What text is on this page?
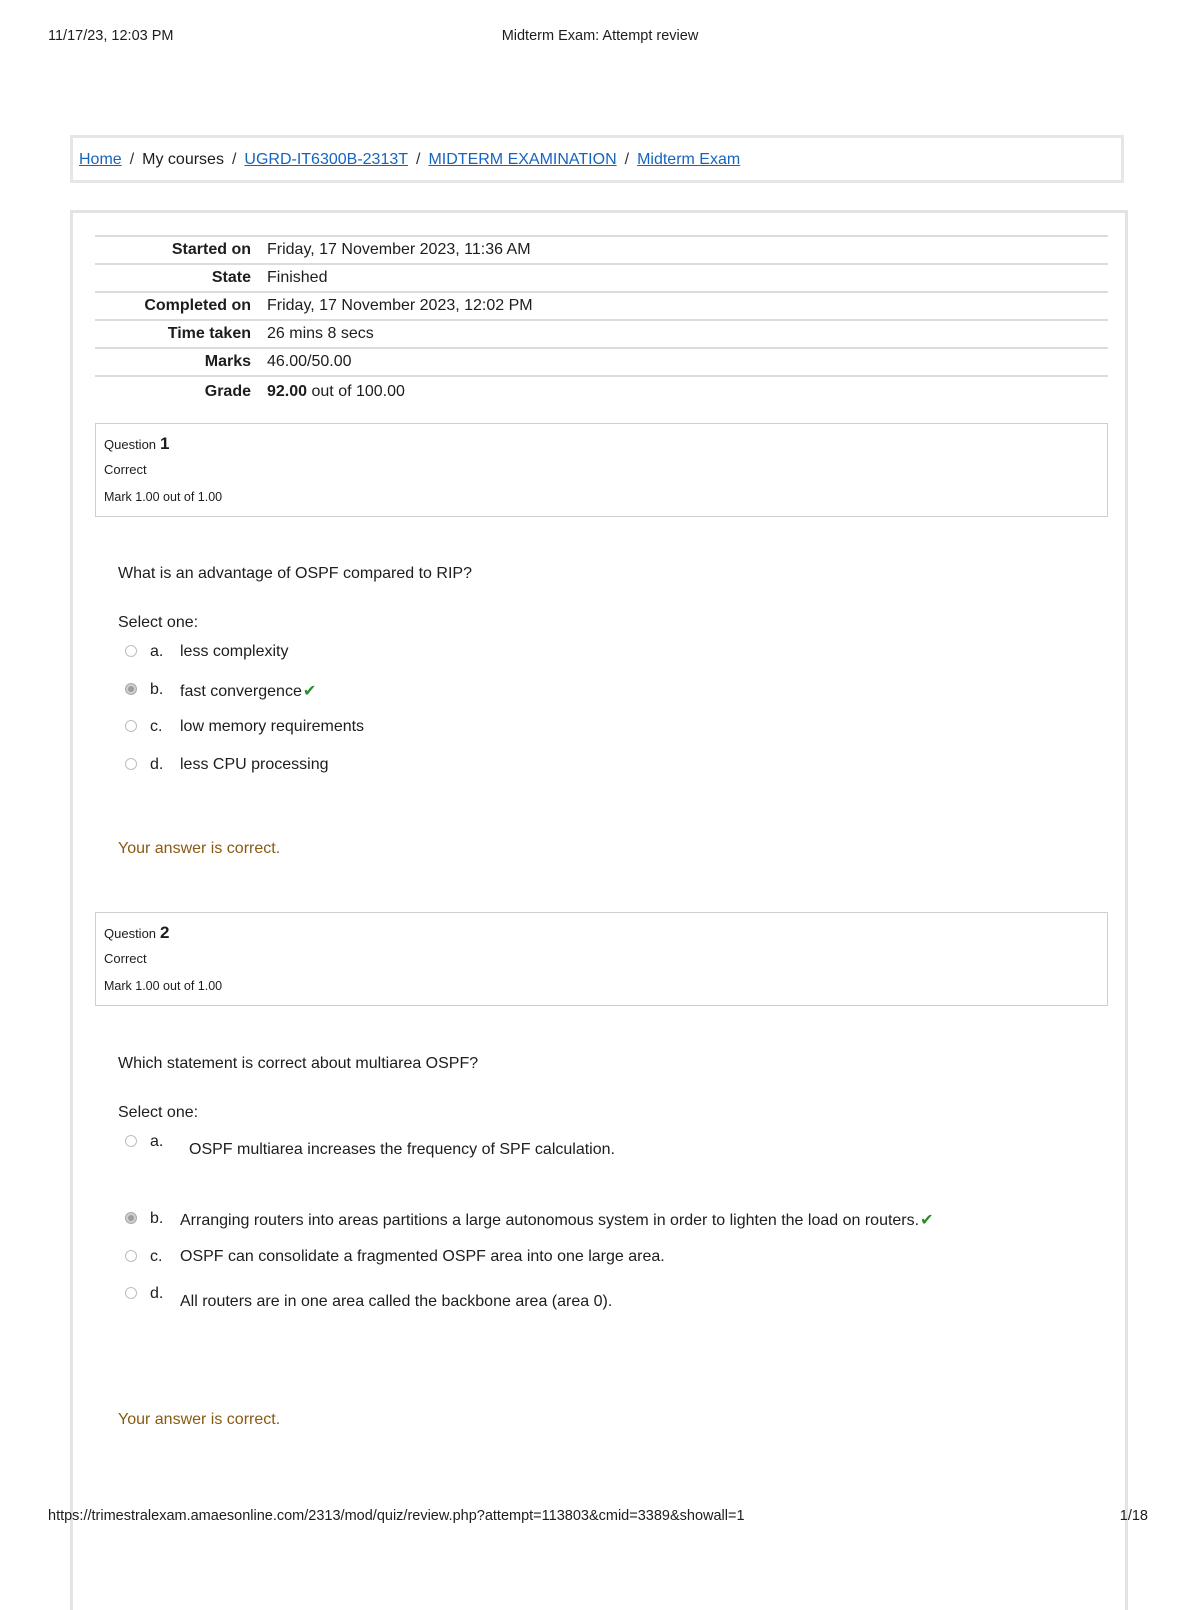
11/17/23, 12:03 PM	Midterm Exam: Attempt review
Home / My courses / UGRD-IT6300B-2313T / MIDTERM EXAMINATION / Midterm Exam
Started on	Friday, 17 November 2023, 11:36 AM
State	Finished
Completed on	Friday, 17 November 2023, 12:02 PM
Time taken	26 mins 8 secs
Marks	46.00/50.00
Grade	92.00 out of 100.00
Question 1
Correct
Mark 1.00 out of 1.00
What is an advantage of OSPF compared to RIP?
Select one:
a. less complexity
b. fast convergence✔
c. low memory requirements
d. less CPU processing
Your answer is correct.
Question 2
Correct
Mark 1.00 out of 1.00
Which statement is correct about multiarea OSPF?
Select one:
a. OSPF multiarea increases the frequency of SPF calculation.
b. Arranging routers into areas partitions a large autonomous system in order to lighten the load on routers.✔
c. OSPF can consolidate a fragmented OSPF area into one large area.
d. All routers are in one area called the backbone area (area 0).
Your answer is correct.
https://trimestralexam.amaesonline.com/2313/mod/quiz/review.php?attempt=113803&cmid=3389&showall=1	1/18
